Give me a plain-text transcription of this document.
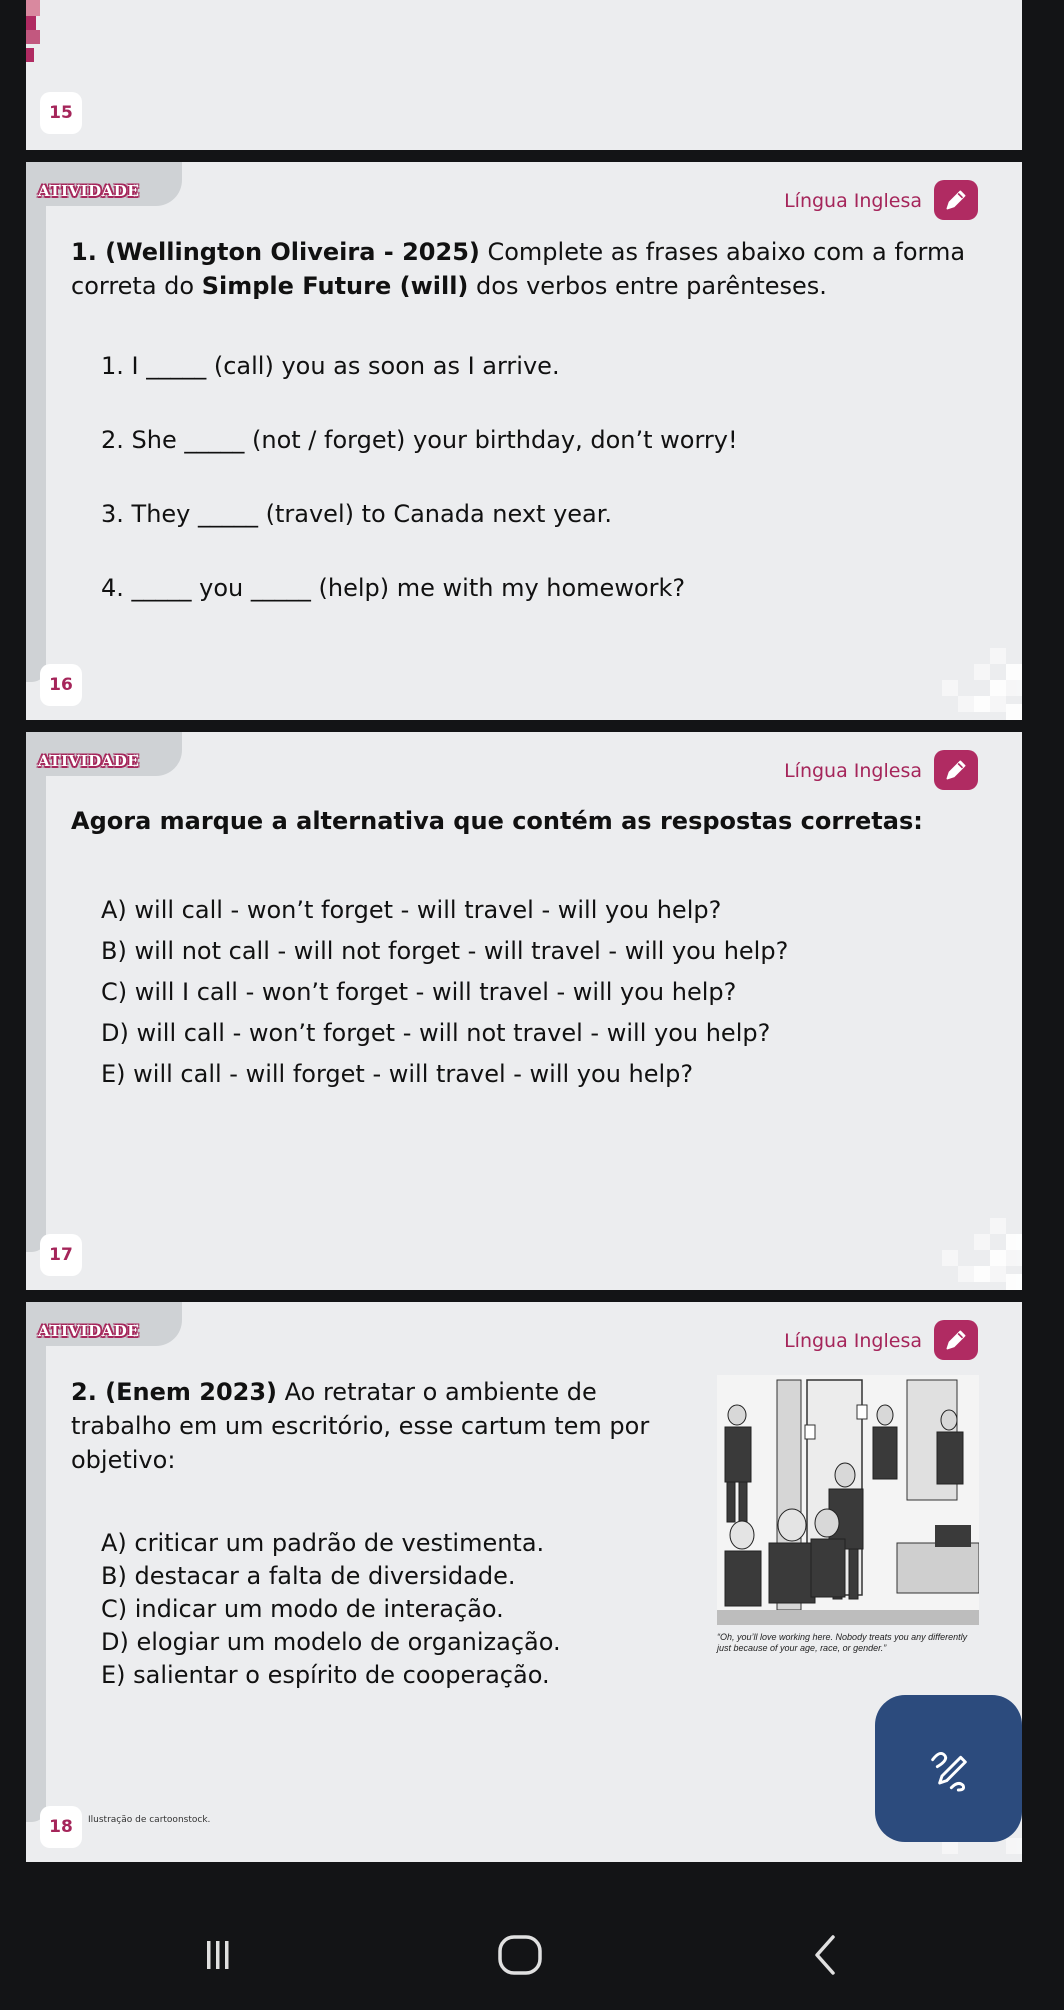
15
ATIVIDADE	Língua Inglesa
1. (Wellington Oliveira - 2025) Complete as frases abaixo com a forma correta do Simple Future (will) dos verbos entre parênteses.
1. I _____ (call) you as soon as I arrive.
2. She _____ (not / forget) your birthday, don’t worry!
3. They _____ (travel) to Canada next year.
4. _____ you _____ (help) me with my homework?
16
ATIVIDADE	Língua Inglesa
Agora marque a alternativa que contém as respostas corretas:
A) will call - won’t forget - will travel - will you help?
B) will not call - will not forget - will travel - will you help?
C) will I call - won’t forget - will travel - will you help?
D) will call - won’t forget - will not travel - will you help?
E) will call - will forget - will travel - will you help?
17
ATIVIDADE	Língua Inglesa
2. (Enem 2023) Ao retratar o ambiente de trabalho em um escritório, esse cartum tem por objetivo:
A) criticar um padrão de vestimenta.
B) destacar a falta de diversidade.
C) indicar um modo de interação.
D) elogiar um modelo de organização.
E) salientar o espírito de cooperação.
“Oh, you’ll love working here. Nobody treats you any differently just because of your age, race, or gender.”
18 Ilustração de cartoonstock.
